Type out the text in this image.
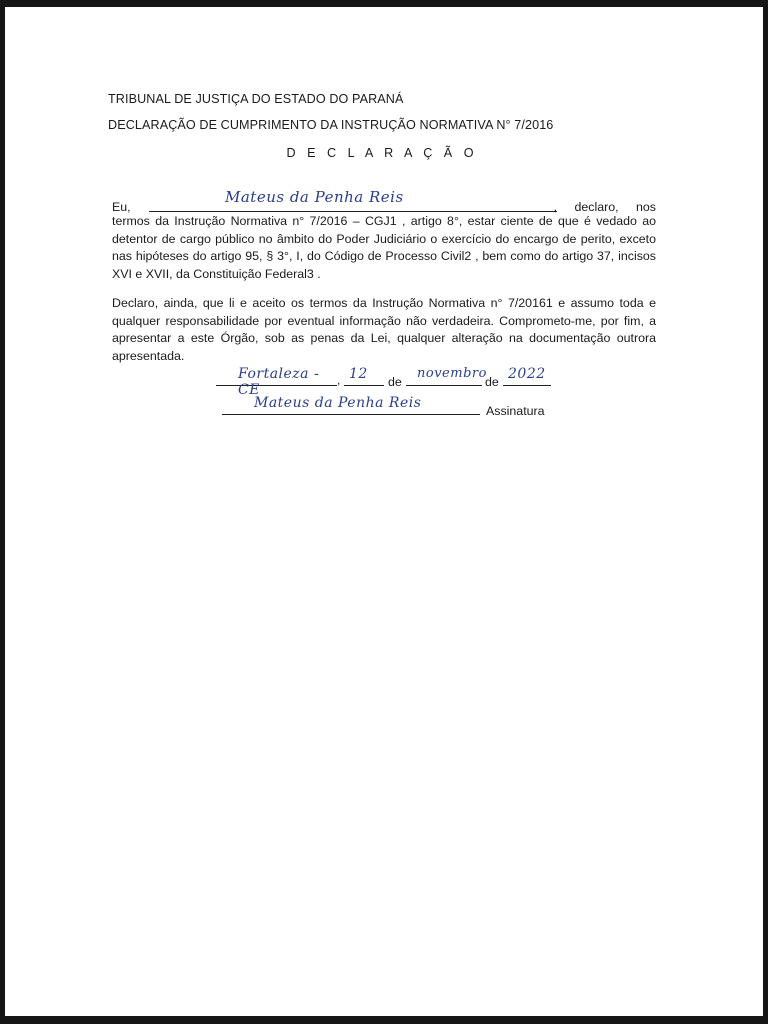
TRIBUNAL DE JUSTIÇA DO ESTADO DO PARANÁ
DECLARAÇÃO DE CUMPRIMENTO DA INSTRUÇÃO NORMATIVA N° 7/2016
D E C L A R A Ç Ã O
Eu,
Mateus da Penha Reis
, declaro, nos
termos da Instrução Normativa n° 7/2016 – CGJ1 , artigo 8°, estar ciente de que é vedado ao detentor de cargo público no âmbito do Poder Judiciário o exercício do encargo de perito, exceto nas hipóteses do artigo 95, § 3°, I, do Código de Processo Civil2 , bem como do artigo 37, incisos XVI e XVII, da Constituição Federal3 .
Declaro, ainda, que li e aceito os termos da Instrução Normativa n° 7/20161 e assumo toda e qualquer responsabilidade por eventual informação não verdadeira. Comprometo-me, por fim, a apresentar a este Órgão, sob as penas da Lei, qualquer alteração na documentação outrora apresentada.
Fortaleza - CE
, 12 de
novembro
de 2022
Mateus da Penha Reis	Assinatura
